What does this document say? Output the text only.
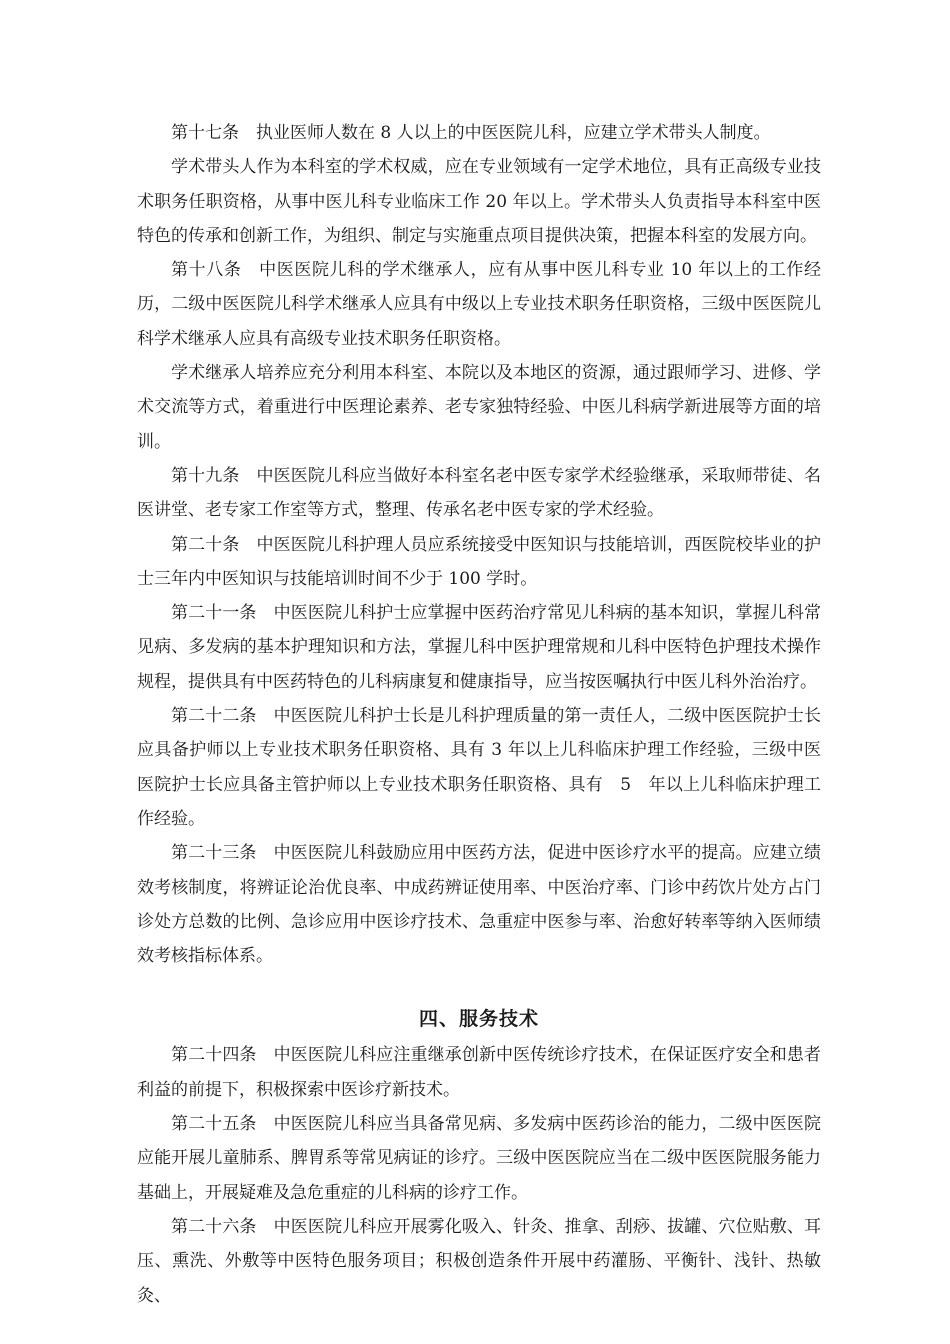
第十七条　执业医师人数在 8 人以上的中医医院儿科，应建立学术带头人制度。

学术带头人作为本科室的学术权威，应在专业领域有一定学术地位，具有正高级专业技术职务任职资格，从事中医儿科专业临床工作 20 年以上。学术带头人负责指导本科室中医特色的传承和创新工作，为组织、制定与实施重点项目提供决策，把握本科室的发展方向。

第十八条　中医医院儿科的学术继承人，应有从事中医儿科专业 10 年以上的工作经历，二级中医医院儿科学术继承人应具有中级以上专业技术职务任职资格，三级中医医院儿科学术继承人应具有高级专业技术职务任职资格。

学术继承人培养应充分利用本科室、本院以及本地区的资源，通过跟师学习、进修、学术交流等方式，着重进行中医理论素养、老专家独特经验、中医儿科病学新进展等方面的培训。

第十九条　中医医院儿科应当做好本科室名老中医专家学术经验继承，采取师带徒、名医讲堂、老专家工作室等方式，整理、传承名老中医专家的学术经验。

第二十条　中医医院儿科护理人员应系统接受中医知识与技能培训，西医院校毕业的护士三年内中医知识与技能培训时间不少于 100 学时。

第二十一条　中医医院儿科护士应掌握中医药治疗常见儿科病的基本知识，掌握儿科常见病、多发病的基本护理知识和方法，掌握儿科中医护理常规和儿科中医特色护理技术操作规程，提供具有中医药特色的儿科病康复和健康指导，应当按医嘱执行中医儿科外治治疗。

第二十二条　中医医院儿科护士长是儿科护理质量的第一责任人，二级中医医院护士长应具备护师以上专业技术职务任职资格、具有 3 年以上儿科临床护理工作经验，三级中医医院护士长应具备主管护师以上专业技术职务任职资格、具有　5　年以上儿科临床护理工作经验。

第二十三条　中医医院儿科鼓励应用中医药方法，促进中医诊疗水平的提高。应建立绩效考核制度，将辨证论治优良率、中成药辨证使用率、中医治疗率、门诊中药饮片处方占门诊处方总数的比例、急诊应用中医诊疗技术、急重症中医参与率、治愈好转率等纳入医师绩效考核指标体系。

四、服务技术

第二十四条　中医医院儿科应注重继承创新中医传统诊疗技术，在保证医疗安全和患者利益的前提下，积极探索中医诊疗新技术。

第二十五条　中医医院儿科应当具备常见病、多发病中医药诊治的能力，二级中医医院应能开展儿童肺系、脾胃系等常见病证的诊疗。三级中医医院应当在二级中医医院服务能力基础上，开展疑难及急危重症的儿科病的诊疗工作。

第二十六条　中医医院儿科应开展雾化吸入、针灸、推拿、刮痧、拔罐、穴位贴敷、耳压、熏洗、外敷等中医特色服务项目；积极创造条件开展中药灌肠、平衡针、浅针、热敏灸、
